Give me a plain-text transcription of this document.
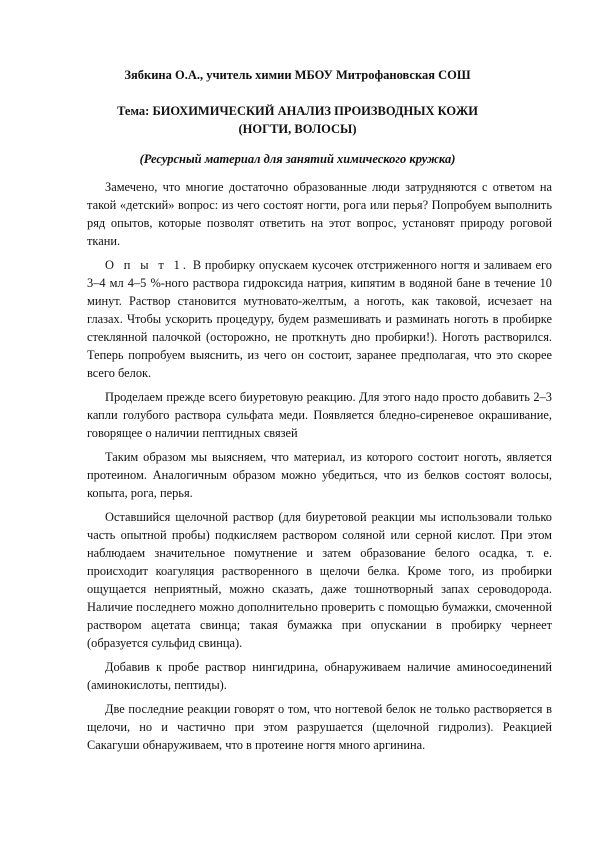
Зябкина О.А., учитель химии МБОУ Митрофановская СОШ
Тема: БИОХИМИЧЕСКИЙ АНАЛИЗ ПРОИЗВОДНЫХ КОЖИ
(НОГТИ, ВОЛОСЫ)
(Ресурсный материал для занятий химического кружка)

Замечено, что многие достаточно образованные люди затрудняются с ответом на такой «детский» вопрос: из чего состоят ногти, рога или перья? Попробуем выполнить ряд опытов, которые позволят ответить на этот вопрос, установят природу роговой ткани.

О п ы т 1. В пробирку опускаем кусочек отстриженного ногтя и заливаем его 3–4 мл 4–5 %-ного раствора гидроксида натрия, кипятим в водяной бане в течение 10 минут. Раствор становится мутновато-желтым, а ноготь, как таковой, исчезает на глазах. Чтобы ускорить процедуру, будем размешивать и разминать ноготь в пробирке стеклянной палочкой (осторожно, не проткнуть дно пробирки!). Ноготь растворился. Теперь попробуем выяснить, из чего он состоит, заранее предполагая, что это скорее всего белок.

Проделаем прежде всего биуретовую реакцию. Для этого надо просто добавить 2–3 капли голубого раствора сульфата меди. Появляется бледно-сиреневое окрашивание, говорящее о наличии пептидных связей

Таким образом мы выясняем, что материал, из которого состоит ноготь, является протеином. Аналогичным образом можно убедиться, что из белков состоят волосы, копыта, рога, перья.

Оставшийся щелочной раствор (для биуретовой реакции мы использовали только часть опытной пробы) подкисляем раствором соляной или серной кислот. При этом наблюдаем значительное помутнение и затем образование белого осадка, т. е. происходит коагуляция растворенного в щелочи белка. Кроме того, из пробирки ощущается неприятный, можно сказать, даже тошнотворный запах сероводорода. Наличие последнего можно дополнительно проверить с помощью бумажки, смоченной раствором ацетата свинца; такая бумажка при опускании в пробирку чернеет (образуется сульфид свинца).

Добавив к пробе раствор нингидрина, обнаруживаем наличие аминосоединений (аминокислоты, пептиды).

Две последние реакции говорят о том, что ногтевой белок не только растворяется в щелочи, но и частично при этом разрушается (щелочной гидролиз). Реакцией Сакагуши обнаруживаем, что в протеине ногтя много аргинина.
